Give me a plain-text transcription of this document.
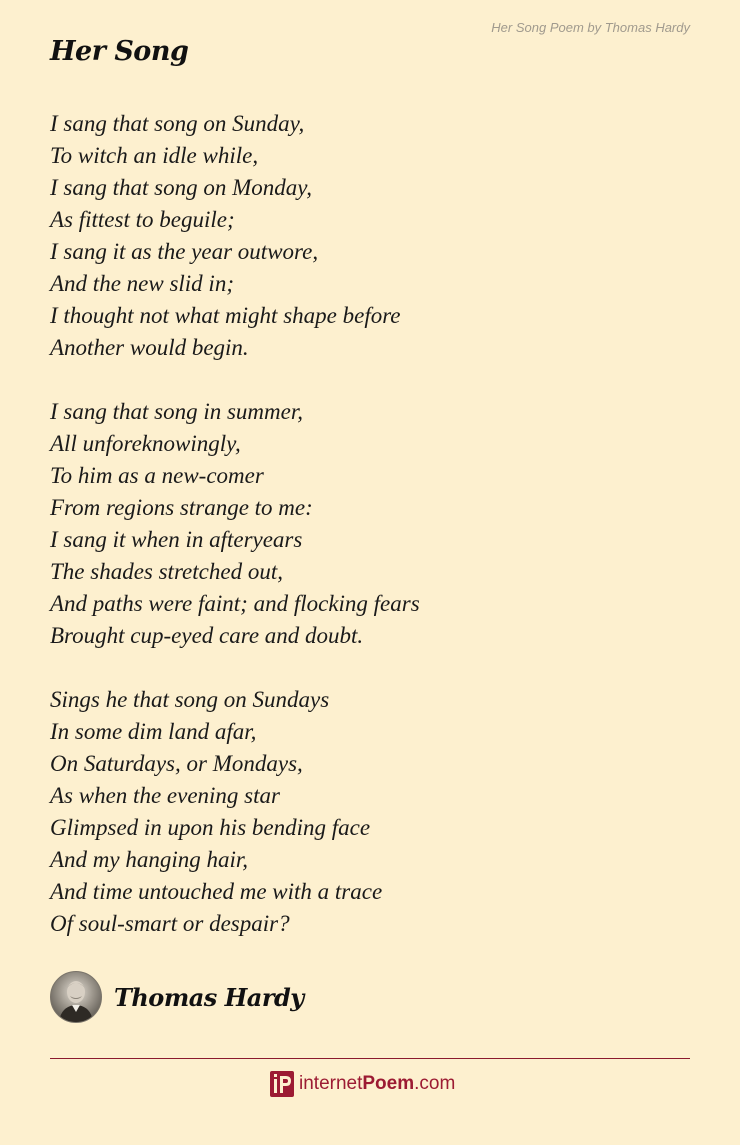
Her Song Poem by Thomas Hardy
Her Song
I sang that song on Sunday,
To witch an idle while,
I sang that song on Monday,
As fittest to beguile;
I sang it as the year outwore,
And the new slid in;
I thought not what might shape before
Another would begin.
I sang that song in summer,
All unforeknowingly,
To him as a new-comer
From regions strange to me:
I sang it when in afteryears
The shades stretched out,
And paths were faint; and flocking fears
Brought cup-eyed care and doubt.
Sings he that song on Sundays
In some dim land afar,
On Saturdays, or Mondays,
As when the evening star
Glimpsed in upon his bending face
And my hanging hair,
And time untouched me with a trace
Of soul-smart or despair?
Thomas Hardy
internet Poem .com
